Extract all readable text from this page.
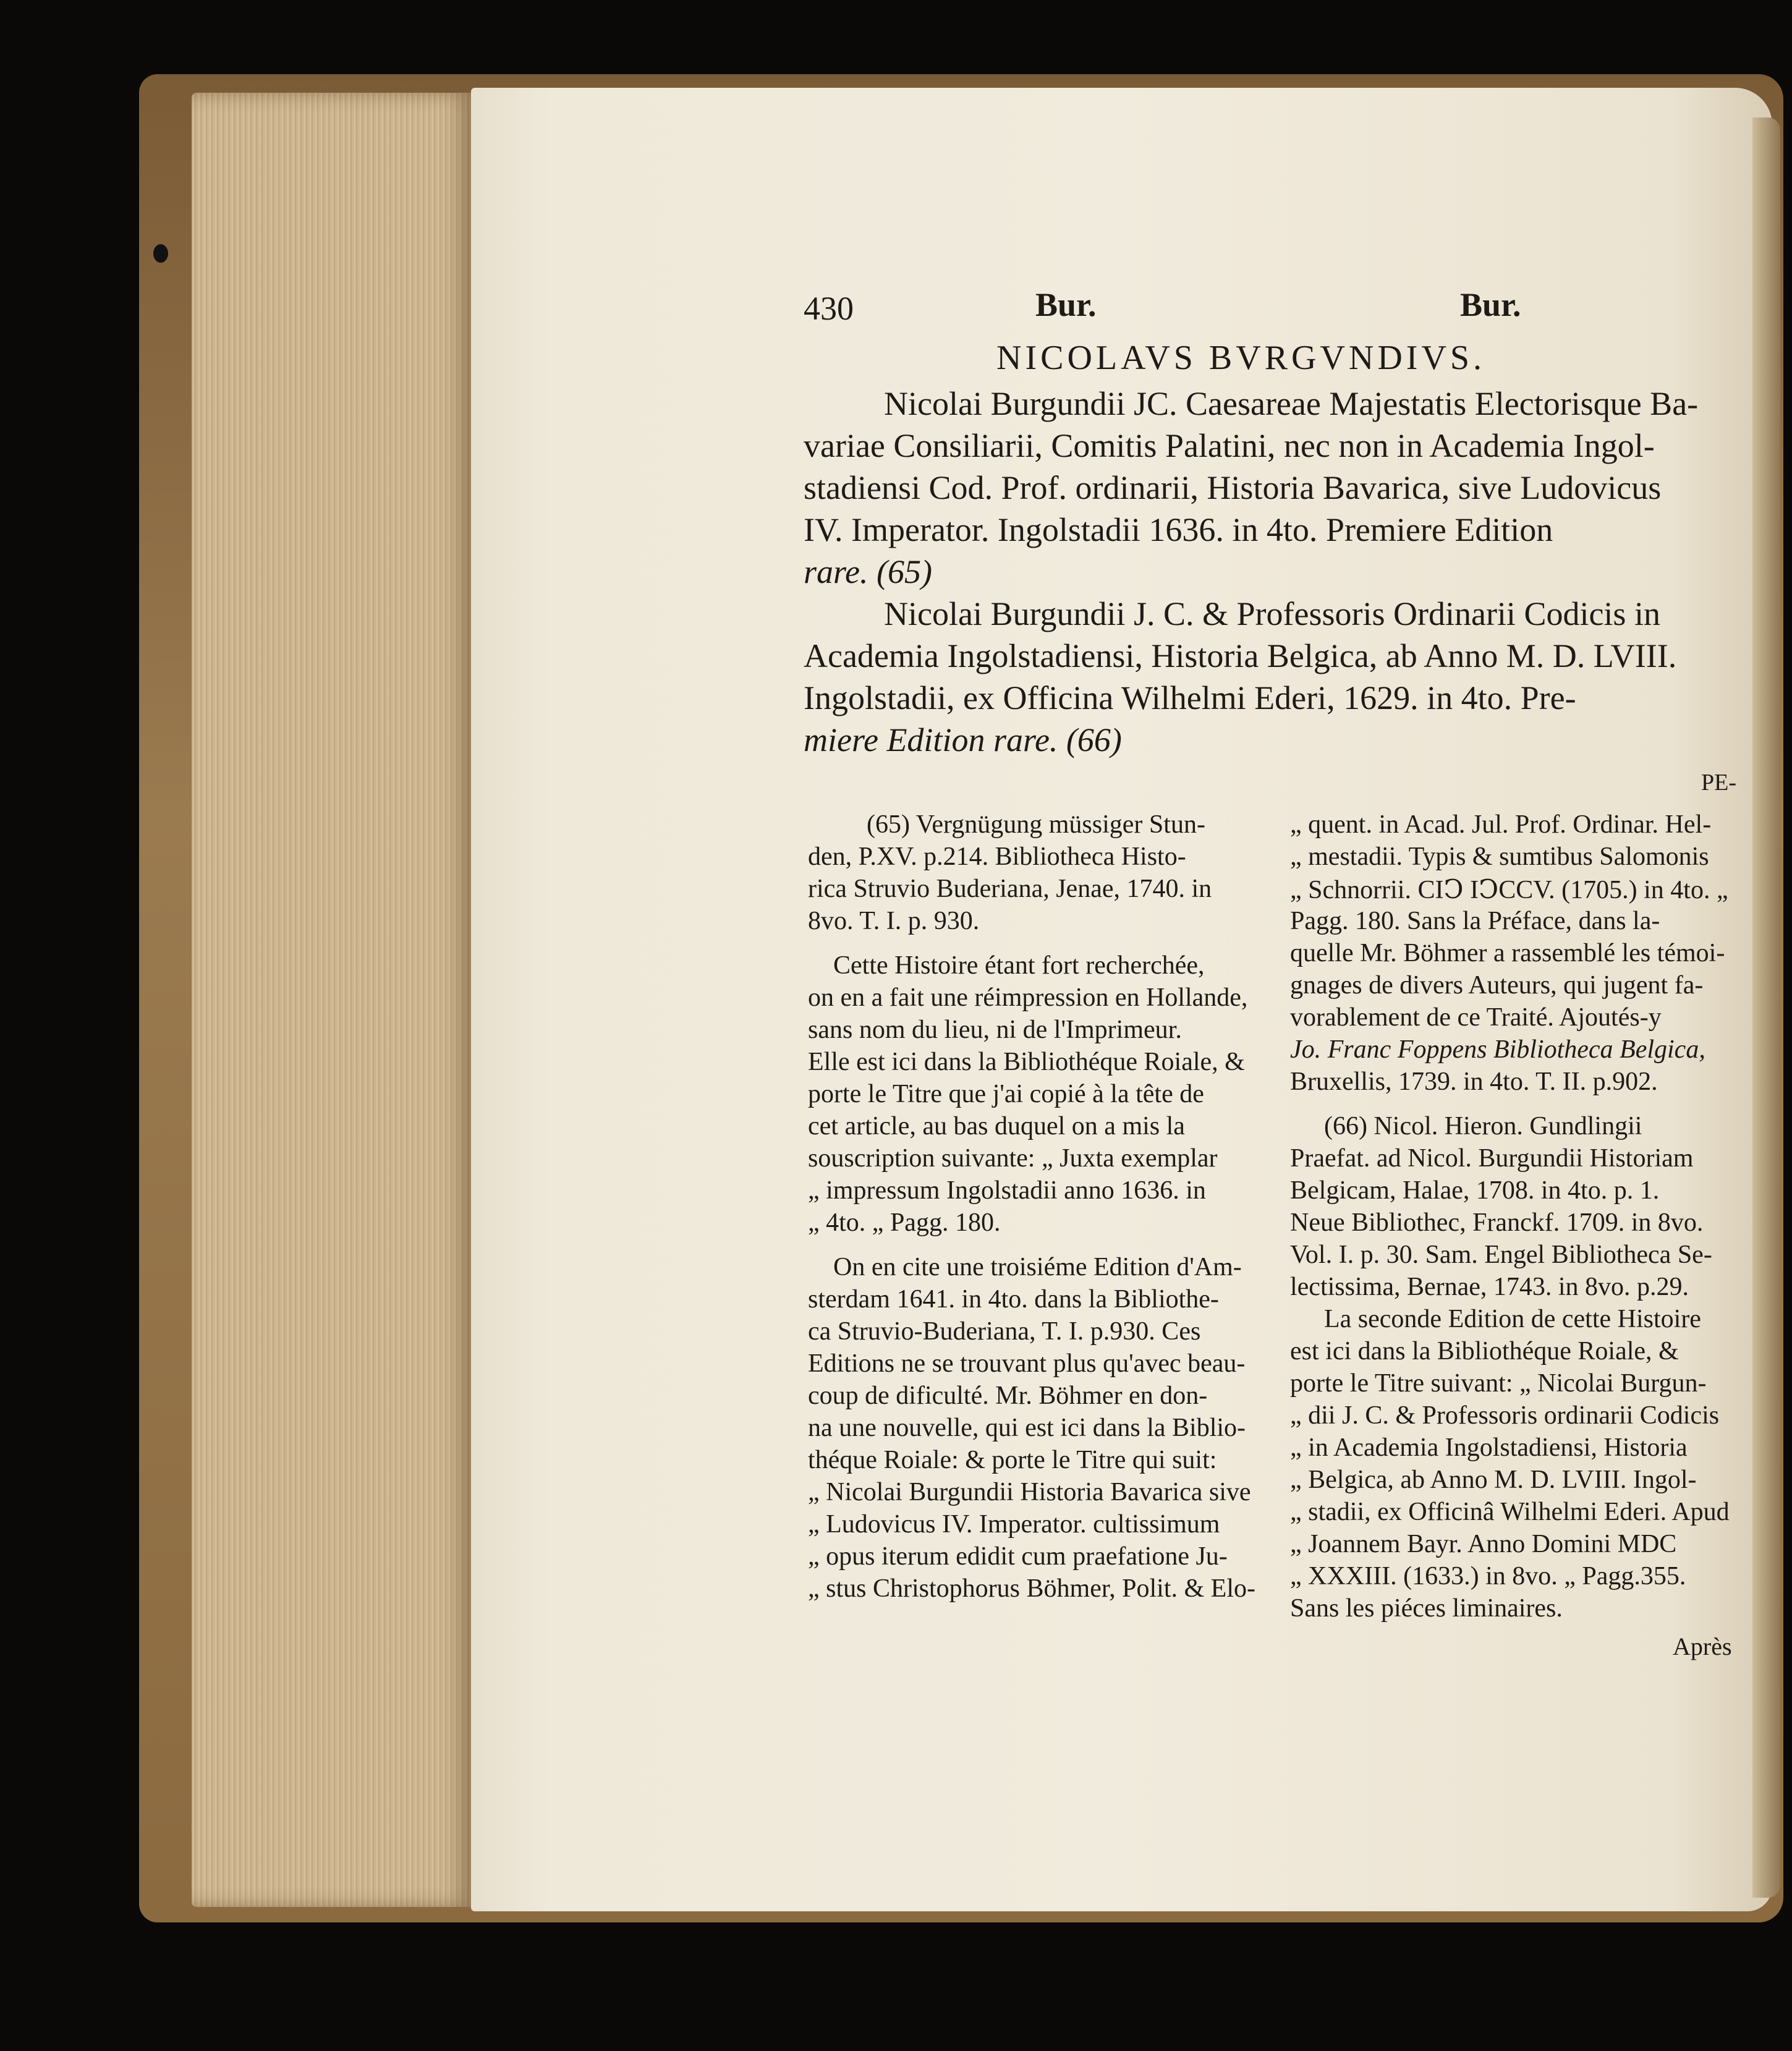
430	Bur.	Bur.
NICOLAVS BVRGVNDIVS.
Nicolai Burgundii JC. Caesareae Majestatis Electorisque Ba-
variae Consiliarii, Comitis Palatini, nec non in Academia Ingol-
stadiensi Cod. Prof. ordinarii, Historia Bavarica, sive Ludovicus
IV. Imperator. Ingolstadii 1636. in 4to. Premiere Edition
rare. (65)
Nicolai Burgundii J. C. & Professoris Ordinarii Codicis in
Academia Ingolstadiensi, Historia Belgica, ab Anno M. D. LVIII.
Ingolstadii, ex Officina Wilhelmi Ederi, 1629. in 4to. Pre-
miere Edition rare. (66)
PE-
(65) Vergnügung müssiger Stun-
den, P.XV. p.214. Bibliotheca Histo-
rica Struvio Buderiana, Jenae, 1740. in
8vo. T. I. p. 930.
Cette Histoire étant fort recherchée,
on en a fait une réimpression en Hollande,
sans nom du lieu, ni de l'Imprimeur.
Elle est ici dans la Bibliothéque Roiale, &
porte le Titre que j'ai copié à la tête de
cet article, au bas duquel on a mis la
souscription suivante: „ Juxta exemplar
„ impressum Ingolstadii anno 1636. in
„ 4to. „ Pagg. 180.
On en cite une troisiéme Edition d'Am-
sterdam 1641. in 4to. dans la Bibliothe-
ca Struvio-Buderiana, T. I. p.930. Ces
Editions ne se trouvant plus qu'avec beau-
coup de dificulté. Mr. Böhmer en don-
na une nouvelle, qui est ici dans la Biblio-
théque Roiale: & porte le Titre qui suit:
„ Nicolai Burgundii Historia Bavarica sive
„ Ludovicus IV. Imperator. cultissimum
„ opus iterum edidit cum praefatione Ju-
„ stus Christophorus Böhmer, Polit. & Elo-
„ quent. in Acad. Jul. Prof. Ordinar. Hel-
„ mestadii. Typis & sumtibus Salomonis
„ Schnorrii. CIↃ IↃCCV. (1705.) in 4to. „
Pagg. 180. Sans la Préface, dans la-
quelle Mr. Böhmer a rassemblé les témoi-
gnages de divers Auteurs, qui jugent fa-
vorablement de ce Traité. Ajoutés-y
Jo. Franc Foppens Bibliotheca Belgica,
Bruxellis, 1739. in 4to. T. II. p.902.
(66) Nicol. Hieron. Gundlingii
Praefat. ad Nicol. Burgundii Historiam
Belgicam, Halae, 1708. in 4to. p. 1.
Neue Bibliothec, Franckf. 1709. in 8vo.
Vol. I. p. 30. Sam. Engel Bibliotheca Se-
lectissima, Bernae, 1743. in 8vo. p.29.
La seconde Edition de cette Histoire
est ici dans la Bibliothéque Roiale, &
porte le Titre suivant: „ Nicolai Burgun-
„ dii J. C. & Professoris ordinarii Codicis
„ in Academia Ingolstadiensi, Historia
„ Belgica, ab Anno M. D. LVIII. Ingol-
„ stadii, ex Officinâ Wilhelmi Ederi. Apud
„ Joannem Bayr. Anno Domini MDC
„ XXXIII. (1633.) in 8vo. „ Pagg.355.
Sans les piéces liminaires.
Après
